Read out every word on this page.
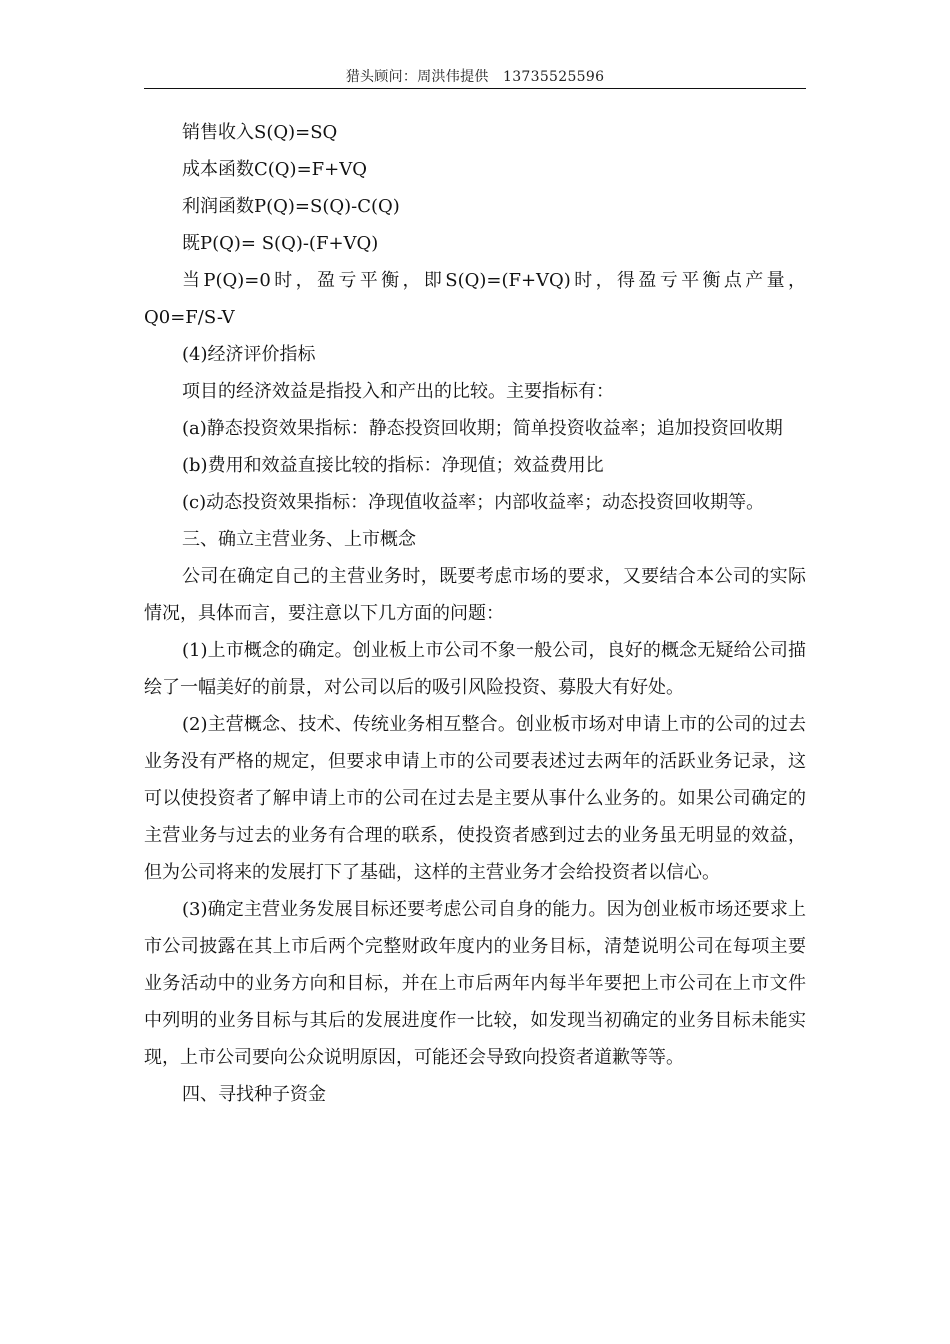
猎头顾问：周洪伟提供　13735525596

销售收入S(Q)=SQ

成本函数C(Q)=F+VQ

利润函数P(Q)=S(Q)-C(Q)

既P(Q)= S(Q)-(F+VQ)

当P(Q)=0时，盈亏平衡，即S(Q)=(F+VQ)时，得盈亏平衡点产量，Q0=F/S-V

(4)经济评价指标

项目的经济效益是指投入和产出的比较。主要指标有：

(a)静态投资效果指标：静态投资回收期；简单投资收益率；追加投资回收期

(b)费用和效益直接比较的指标：净现值；效益费用比

(c)动态投资效果指标：净现值收益率；内部收益率；动态投资回收期等。

三、确立主营业务、上市概念

公司在确定自己的主营业务时，既要考虑市场的要求，又要结合本公司的实际情况，具体而言，要注意以下几方面的问题：

(1)上市概念的确定。创业板上市公司不象一般公司，良好的概念无疑给公司描绘了一幅美好的前景，对公司以后的吸引风险投资、募股大有好处。

(2)主营概念、技术、传统业务相互整合。创业板市场对申请上市的公司的过去业务没有严格的规定，但要求申请上市的公司要表述过去两年的活跃业务记录，这可以使投资者了解申请上市的公司在过去是主要从事什么业务的。如果公司确定的主营业务与过去的业务有合理的联系，使投资者感到过去的业务虽无明显的效益，但为公司将来的发展打下了基础，这样的主营业务才会给投资者以信心。

(3)确定主营业务发展目标还要考虑公司自身的能力。因为创业板市场还要求上市公司披露在其上市后两个完整财政年度内的业务目标，清楚说明公司在每项主要业务活动中的业务方向和目标，并在上市后两年内每半年要把上市公司在上市文件中列明的业务目标与其后的发展进度作一比较，如发现当初确定的业务目标未能实现，上市公司要向公众说明原因，可能还会导致向投资者道歉等等。

四、寻找种子资金
